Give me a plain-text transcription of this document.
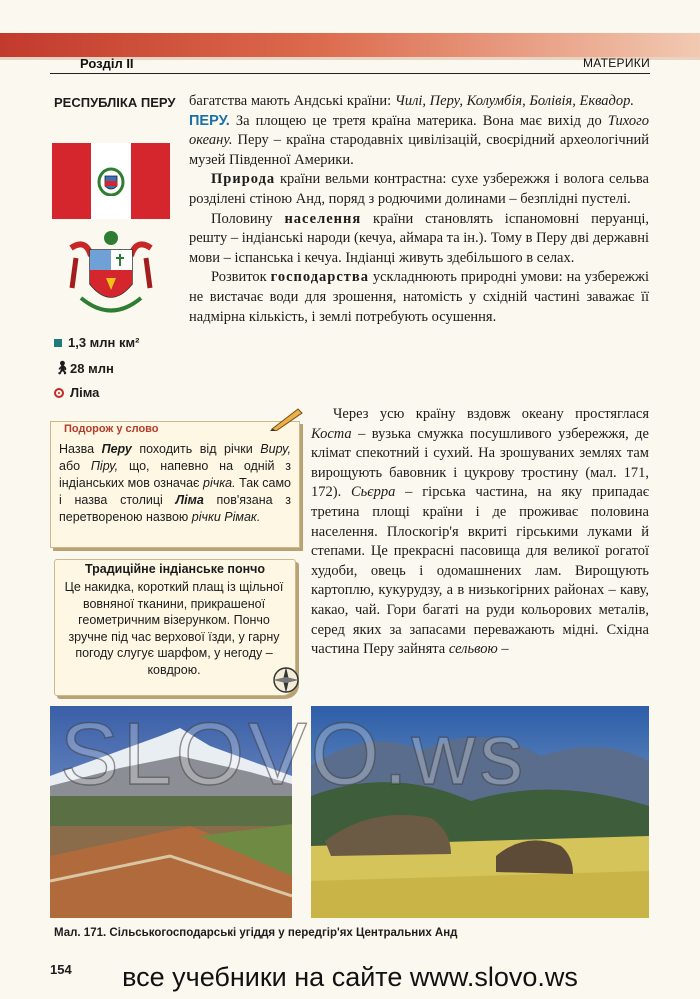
Розділ ІІ	МАТЕРИКИ
РЕСПУБЛІКА ПЕРУ
1,3 млн км²
🚶︎ 28 млн
Ліма
Подорож у слово
Назва Перу походить від річки Виру, або Піру, що, напевно на одній з індіанських мов означає річка. Так само і назва столиці Ліма пов'язана з перетвореною назвою річки Рімак.
Традиційне індіанське пончо
Це накидка, короткий плащ із щільної вовняної тканини, прикрашеної геометричним візерунком. Пончо зручне під час верхової їзди, у гарну погоду слугує шарфом, у негоду – ковдрою.

багатства мають Андські країни: Чилі, Перу, Колумбія, Болівія, Еквадор.

ПЕРУ. За площею це третя країна материка. Вона має вихід до Тихого океану. Перу – країна стародавніх цивілізацій, своєрідний археологічний музей Південної Америки.

Природа країни вельми контрастна: сухе узбережжя і волога сельва розділені стіною Анд, поряд з родючими долинами – безплідні пустелі.

Половину населення країни становлять іспаномовні перуанці, решту – індіанські народи (кечуа, аймара та ін.). Тому в Перу дві державні мови – іспанська і кечуа. Індіанці живуть здебільшого в селах.

Розвиток господарства ускладнюють природні умови: на узбережжі не вистачає води для зрошення, натомість у східній частині заважає її надмірна кількість, і землі потребують осушення.

Через усю країну вздовж океану простяглася Коста – вузька смужка посушливого узбережжя, де клімат спекотний і сухий. На зрошуваних землях там вирощують бавовник і цукрову тростину (мал. 171, 172). Сьєрра – гірська частина, на яку припадає третина площі країни і де проживає половина населення. Плоскогір'я вкриті гірськими луками й степами. Це прекрасні пасовища для великої рогатої худоби, овець і одомашнених лам. Вирощують картоплю, кукурудзу, а в низькогірних районах – каву, какао, чай. Гори багаті на руди кольорових металів, серед яких за запасами переважають мідні. Східна частина Перу зайнята сельвою –

Мал. 171. Сільськогосподарські угіддя у передгір'ях Центральних Анд
SLOVO.ws
154	все учебники на сайте www.slovo.ws
